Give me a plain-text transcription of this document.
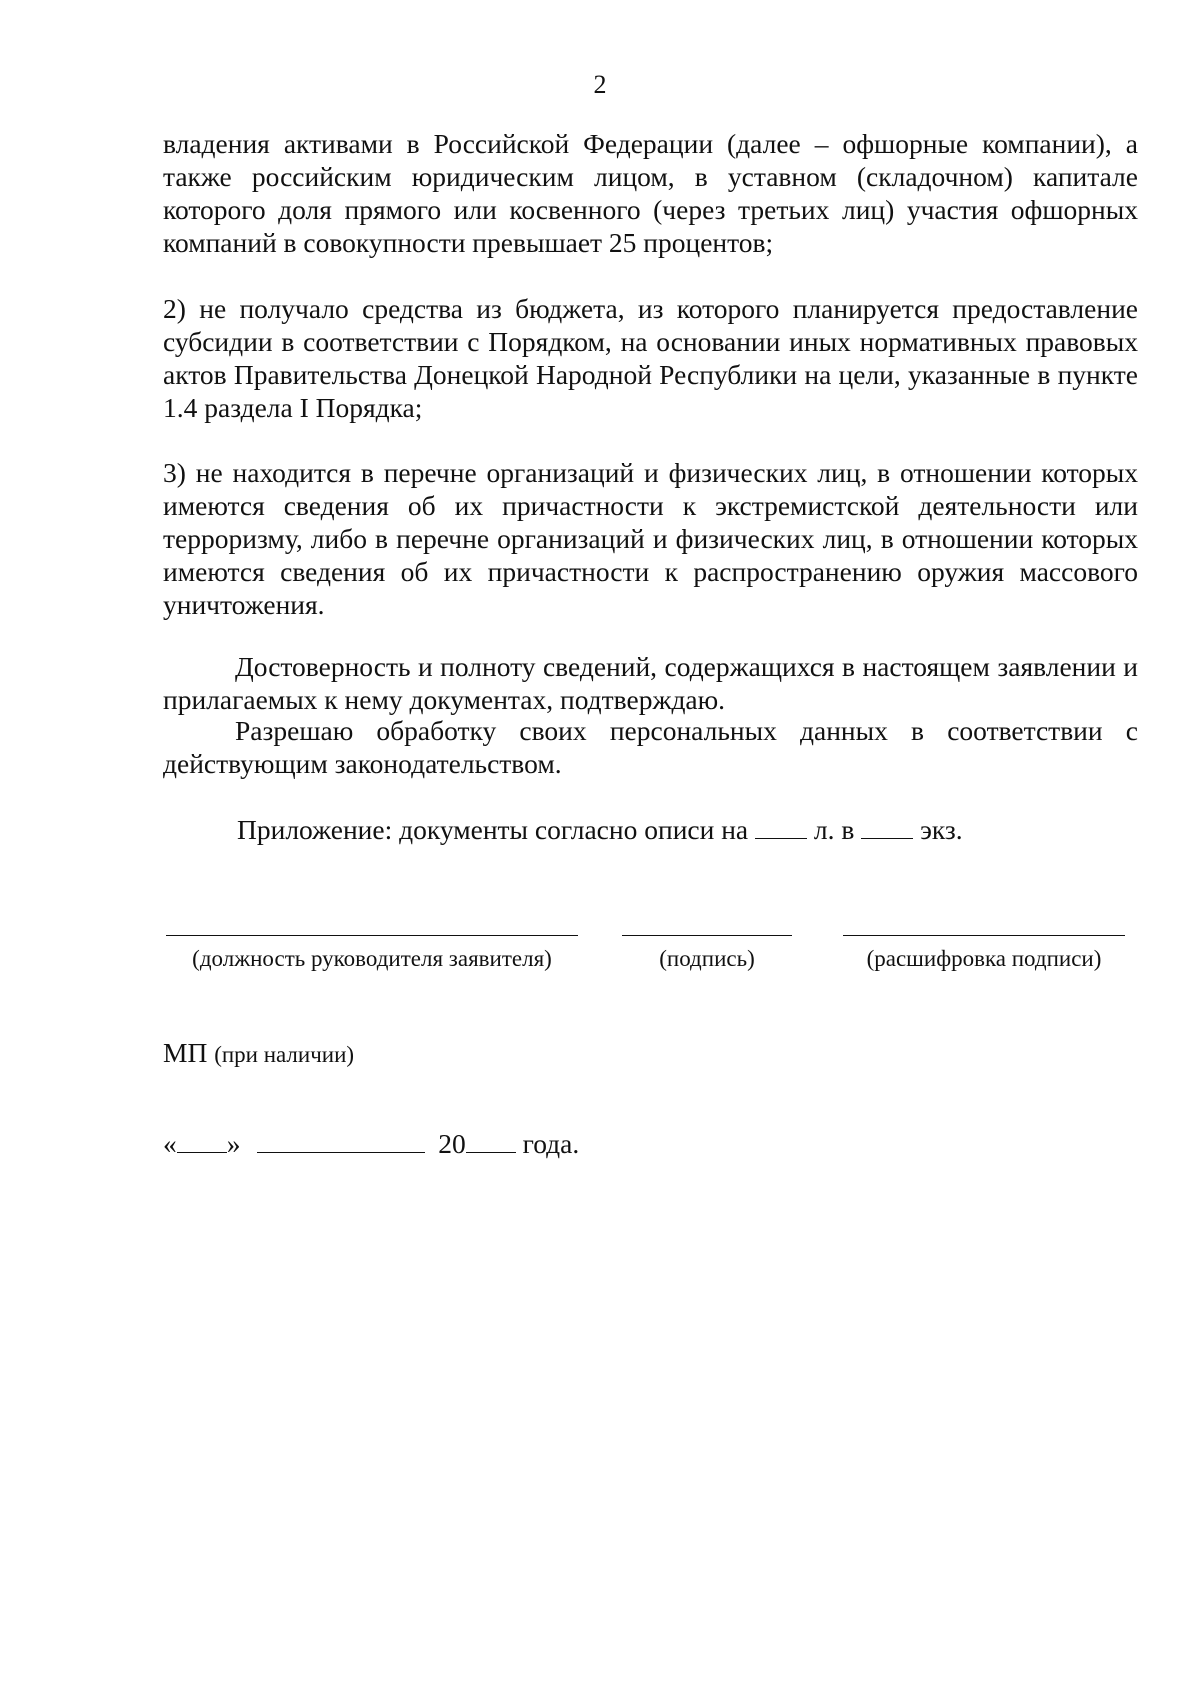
2

владения активами в Российской Федерации (далее – офшорные компании), а также российским юридическим лицом, в уставном (складочном) капитале которого доля прямого или косвенного (через третьих лиц) участия офшорных компаний в совокупности превышает 25 процентов;

2) не получало средства из бюджета, из которого планируется предоставление субсидии в соответствии с Порядком, на основании иных нормативных правовых актов Правительства Донецкой Народной Республики на цели, указанные в пункте 1.4 раздела I Порядка;

3) не находится в перечне организаций и физических лиц, в отношении которых имеются сведения об их причастности к экстремистской деятельности или терроризму, либо в перечне организаций и физических лиц, в отношении которых имеются сведения об их причастности к распространению оружия массового уничтожения.

Достоверность и полноту сведений, содержащихся в настоящем заявлении и прилагаемых к нему документах, подтверждаю.

Разрешаю обработку своих персональных данных в соответствии с действующим законодательством.

Приложение: документы согласно описи на л. в экз.
(должность руководителя заявителя)	(подпись)	(расшифровка подписи)
МП (при наличии)
« »	20 года.
